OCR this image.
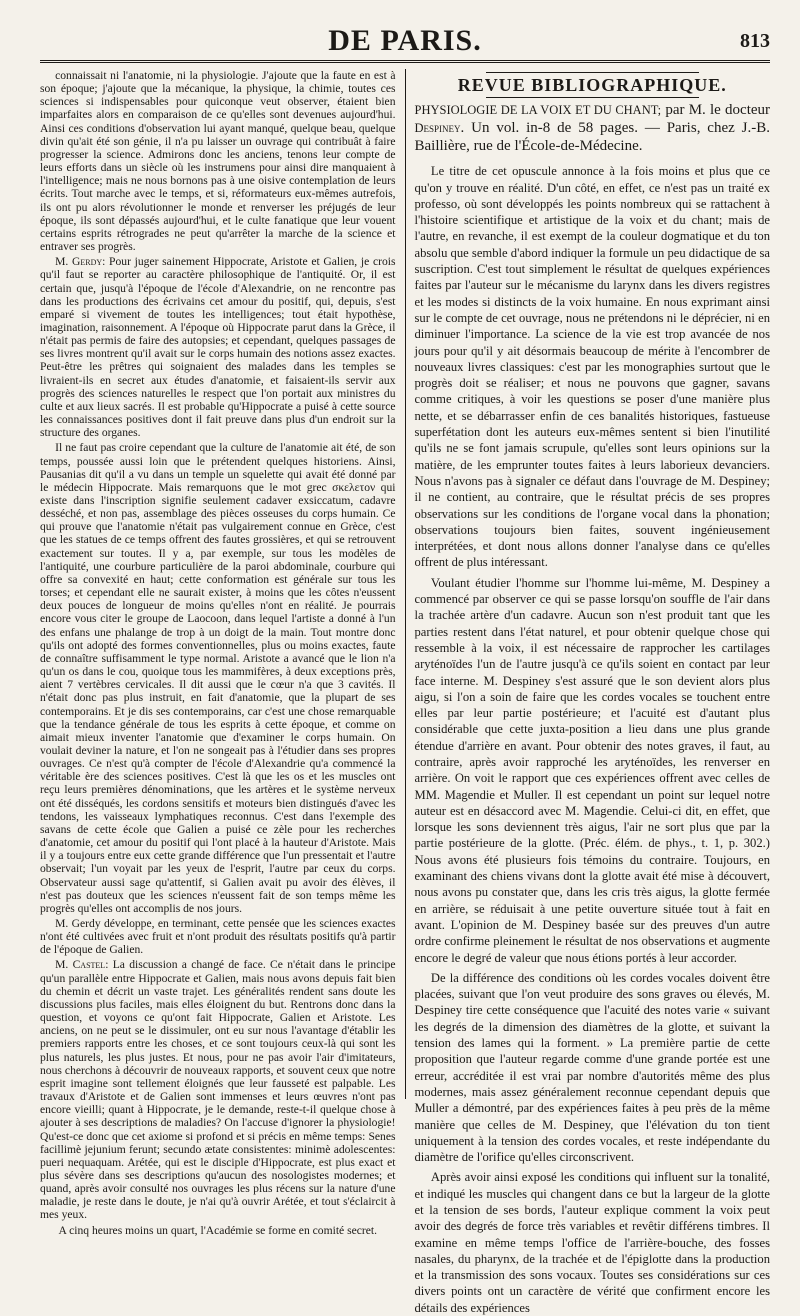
DE PARIS.	813

connaissait ni l'anatomie, ni la physiologie. J'ajoute que la faute en est à son époque; j'ajoute que la mécanique, la physique, la chimie, toutes ces sciences si indispensables pour quiconque veut observer, étaient bien imparfaites alors en comparaison de ce qu'elles sont devenues aujourd'hui. Ainsi ces conditions d'observation lui ayant manqué, quelque beau, quelque divin qu'ait été son génie, il n'a pu laisser un ouvrage qui contribuât à faire progresser la science. Admirons donc les anciens, tenons leur compte de leurs efforts dans un siècle où les instrumens pour ainsi dire manquaient à l'intelligence; mais ne nous bornons pas à une oisive contemplation de leurs écrits. Tout marche avec le temps, et si, réformateurs eux-mêmes autrefois, ils ont pu alors révolutionner le monde et renverser les préjugés de leur époque, ils sont dépassés aujourd'hui, et le culte fanatique que leur vouent certains esprits rétrogrades ne peut qu'arrêter la marche de la science et entraver ses progrès.

M. Gerdy: Pour juger sainement Hippocrate, Aristote et Galien, je crois qu'il faut se reporter au caractère philosophique de l'antiquité. Or, il est certain que, jusqu'à l'époque de l'école d'Alexandrie, on ne rencontre pas dans les productions des écrivains cet amour du positif, qui, depuis, s'est emparé si vivement de toutes les intelligences; tout était hypothèse, imagination, raisonnement. A l'époque où Hippocrate parut dans la Grèce, il n'était pas permis de faire des autopsies; et cependant, quelques passages de ses livres montrent qu'il avait sur le corps humain des notions assez exactes. Peut-être les prêtres qui soignaient des malades dans les temples se livraient-ils en secret aux études d'anatomie, et faisaient-ils servir aux progrès des sciences naturelles le respect que l'on portait aux ministres du culte et aux lieux sacrés. Il est probable qu'Hippocrate a puisé à cette source les connaissances positives dont il fait preuve dans plus d'un endroit sur la structure des organes.

Il ne faut pas croire cependant que la culture de l'anatomie ait été, de son temps, poussée aussi loin que le prétendent quelques historiens. Ainsi, Pausanias dit qu'il a vu dans un temple un squelette qui avait été donné par le médecin Hippocrate. Mais remarquons que le mot grec σκελετον qui existe dans l'inscription signifie seulement cadaver exsiccatum, cadavre desséché, et non pas, assemblage des pièces osseuses du corps humain. Ce qui prouve que l'anatomie n'était pas vulgairement connue en Grèce, c'est que les statues de ce temps offrent des fautes grossières, et qui se retrouvent exactement sur toutes. Il y a, par exemple, sur tous les modèles de l'antiquité, une courbure particulière de la paroi abdominale, courbure qui offre sa convexité en haut; cette conformation est générale sur tous les torses; et cependant elle ne saurait exister, à moins que les côtes n'eussent deux pouces de longueur de moins qu'elles n'ont en réalité. Je pourrais encore vous citer le groupe de Laocoon, dans lequel l'artiste a donné à l'un des enfans une phalange de trop à un doigt de la main. Tout montre donc qu'ils ont adopté des formes conventionnelles, plus ou moins exactes, faute de connaître suffisamment le type normal. Aristote a avancé que le lion n'a qu'un os dans le cou, quoique tous les mammifères, à deux exceptions près, aient 7 vertèbres cervicales. Il dit aussi que le cœur n'a que 3 cavités. Il n'était donc pas plus instruit, en fait d'anatomie, que la plupart de ses contemporains. Et je dis ses contemporains, car c'est une chose remarquable que la tendance générale de tous les esprits à cette époque, et comme on aimait mieux inventer l'anatomie que d'examiner le corps humain. On voulait deviner la nature, et l'on ne songeait pas à l'étudier dans ses propres ouvrages. Ce n'est qu'à compter de l'école d'Alexandrie qu'a commencé la véritable ère des sciences positives. C'est là que les os et les muscles ont reçu leurs premières dénominations, que les artères et le système nerveux ont été disséqués, les cordons sensitifs et moteurs bien distingués d'avec les tendons, les vaisseaux lymphatiques reconnus. C'est dans l'exemple des savans de cette école que Galien a puisé ce zèle pour les recherches d'anatomie, cet amour du positif qui l'ont placé à la hauteur d'Aristote. Mais il y a toujours entre eux cette grande différence que l'un pressentait et l'autre observait; l'un voyait par les yeux de l'esprit, l'autre par ceux du corps. Observateur aussi sage qu'attentif, si Galien avait pu avoir des élèves, il n'est pas douteux que les sciences n'eussent fait de son temps même les progrès qu'elles ont accomplis de nos jours.

M. Gerdy développe, en terminant, cette pensée que les sciences exactes n'ont été cultivées avec fruit et n'ont produit des résultats positifs qu'à partir de l'époque de Galien.

M. Castel: La discussion a changé de face. Ce n'était dans le principe qu'un parallèle entre Hippocrate et Galien, mais nous avons depuis fait bien du chemin et décrit un vaste trajet. Les généralités rendent sans doute les discussions plus faciles, mais elles éloignent du but. Rentrons donc dans la question, et voyons ce qu'ont fait Hippocrate, Galien et Aristote. Les anciens, on ne peut se le dissimuler, ont eu sur nous l'avantage d'établir les premiers rapports entre les choses, et ce sont toujours ceux-là qui sont les plus naturels, les plus justes. Et nous, pour ne pas avoir l'air d'imitateurs, nous cherchons à découvrir de nouveaux rapports, et souvent ceux que notre esprit imagine sont tellement éloignés que leur fausseté est palpable. Les travaux d'Aristote et de Galien sont immenses et leurs œuvres n'ont pas encore vieilli; quant à Hippocrate, je le demande, reste-t-il quelque chose à ajouter à ses descriptions de maladies? On l'accuse d'ignorer la physiologie! Qu'est-ce donc que cet axiome si profond et si précis en même temps: Senes facillimè jejunium ferunt; secundo ætate consistentes: minimè adolescentes: pueri nequaquam. Arétée, qui est le disciple d'Hippocrate, est plus exact et plus sévère dans ses descriptions qu'aucun des nosologistes modernes; et quand, après avoir consulté nos ouvrages les plus récens sur la nature d'une maladie, je reste dans le doute, je n'ai qu'à ouvrir Arétée, et tout s'éclaircit à mes yeux.

A cinq heures moins un quart, l'Académie se forme en comité secret.

REVUE BIBLIOGRAPHIQUE.

PHYSIOLOGIE DE LA VOIX ET DU CHANT; par M. le docteur Despiney. Un vol. in-8 de 58 pages. — Paris, chez J.-B. Baillière, rue de l'École-de-Médecine.

Le titre de cet opuscule annonce à la fois moins et plus que ce qu'on y trouve en réalité. D'un côté, en effet, ce n'est pas un traité ex professo, où sont développés les points nombreux qui se rattachent à l'histoire scientifique et artistique de la voix et du chant; mais de l'autre, en revanche, il est exempt de la couleur dogmatique et du ton absolu que semble d'abord indiquer la formule un peu didactique de sa suscription. C'est tout simplement le résultat de quelques expériences faites par l'auteur sur le mécanisme du larynx dans les divers registres et les modes si distincts de la voix humaine. En nous exprimant ainsi sur le compte de cet ouvrage, nous ne prétendons ni le déprécier, ni en diminuer l'importance. La science de la vie est trop avancée de nos jours pour qu'il y ait désormais beaucoup de mérite à l'encombrer de nouveaux livres classiques: c'est par les monographies surtout que le progrès doit se réaliser; et nous ne pouvons que gagner, savans comme critiques, à voir les questions se poser d'une manière plus nette, et se débarrasser enfin de ces banalités historiques, fastueuse superfétation dont les auteurs eux-mêmes sentent si bien l'inutilité qu'ils ne se font jamais scrupule, qu'elles sont leurs opinions sur la matière, de les emprunter toutes faites à leurs laborieux devanciers. Nous n'avons pas à signaler ce défaut dans l'ouvrage de M. Despiney; il ne contient, au contraire, que le résultat précis de ses propres observations sur les conditions de l'organe vocal dans la phonation; observations toujours bien faites, souvent ingénieusement interprétées, et dont nous allons donner l'analyse dans ce qu'elles offrent de plus intéressant.

Voulant étudier l'homme sur l'homme lui-même, M. Despiney a commencé par observer ce qui se passe lorsqu'on souffle de l'air dans la trachée artère d'un cadavre. Aucun son n'est produit tant que les parties restent dans l'état naturel, et pour obtenir quelque chose qui ressemble à la voix, il est nécessaire de rapprocher les cartilages aryténoïdes l'un de l'autre jusqu'à ce qu'ils soient en contact par leur face interne. M. Despiney s'est assuré que le son devient alors plus aigu, si l'on a soin de faire que les cordes vocales se touchent entre elles par leur partie postérieure; et l'acuité est d'autant plus considérable que cette juxta-position a lieu dans une plus grande étendue d'arrière en avant. Pour obtenir des notes graves, il faut, au contraire, après avoir rapproché les aryténoïdes, les renverser en arrière. On voit le rapport que ces expériences offrent avec celles de MM. Magendie et Muller. Il est cependant un point sur lequel notre auteur est en désaccord avec M. Magendie. Celui-ci dit, en effet, que lorsque les sons deviennent très aigus, l'air ne sort plus que par la partie postérieure de la glotte. (Préc. élém. de phys., t. 1, p. 302.) Nous avons été plusieurs fois témoins du contraire. Toujours, en examinant des chiens vivans dont la glotte avait été mise à découvert, nous avons pu constater que, dans les cris très aigus, la glotte fermée en arrière, se réduisait à une petite ouverture située tout à fait en avant. L'opinion de M. Despiney basée sur des preuves d'un autre ordre confirme pleinement le résultat de nos observations et augmente encore le degré de valeur que nous étions portés à leur accorder.

De la différence des conditions où les cordes vocales doivent être placées, suivant que l'on veut produire des sons graves ou élevés, M. Despiney tire cette conséquence que l'acuité des notes varie « suivant les degrés de la dimension des diamètres de la glotte, et suivant la tension des lames qui la forment. » La première partie de cette proposition que l'auteur regarde comme d'une grande portée est une erreur, accréditée il est vrai par nombre d'autorités même des plus modernes, mais assez généralement reconnue cependant depuis que Muller a démontré, par des expériences faites à peu près de la même manière que celles de M. Despiney, que l'élévation du ton tient uniquement à la tension des cordes vocales, et reste indépendante du diamètre de l'orifice qu'elles circonscrivent.

Après avoir ainsi exposé les conditions qui influent sur la tonalité, et indiqué les muscles qui changent dans ce but la largeur de la glotte et la tension de ses bords, l'auteur explique comment la voix peut avoir des degrés de force très variables et revêtir différens timbres. Il examine en même temps l'office de l'arrière-bouche, des fosses nasales, du pharynx, de la trachée et de l'épiglotte dans la production et la transmission des sons vocaux. Toutes ses considérations sur ces divers points ont un caractère de vérité que confirment encore les détails des expériences
